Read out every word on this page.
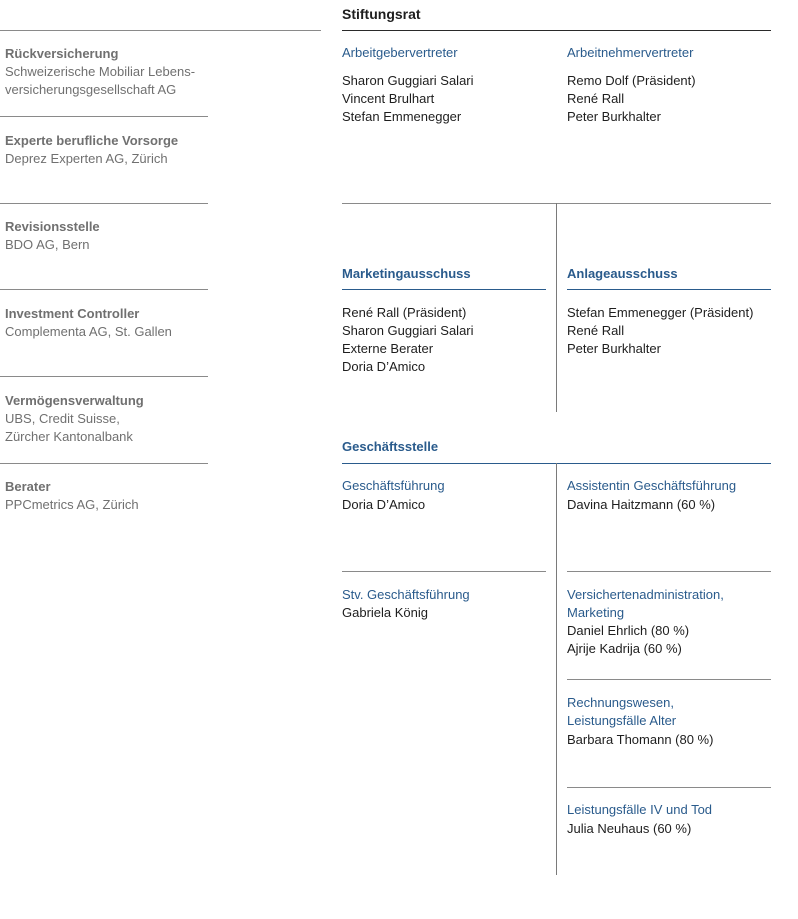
Rückversicherung
Schweizerische Mobiliar Lebens-
versicherungsgesellschaft AG
Experte berufliche Vorsorge
Deprez Experten AG, Zürich
Revisionsstelle
BDO AG, Bern
Investment Controller
Complementa AG, St. Gallen
Vermögensverwaltung
UBS, Credit Suisse,
Zürcher Kantonalbank
Berater
PPCmetrics AG, Zürich
Stiftungsrat
Arbeitgebervertreter
Sharon Guggiari Salari
Vincent Brulhart
Stefan Emmenegger
Arbeitnehmervertreter
Remo Dolf (Präsident)
René Rall
Peter Burkhalter
Marketingausschuss
René Rall (Präsident)
Sharon Guggiari Salari
Externe Berater
Doria D’Amico
Anlageausschuss
Stefan Emmenegger (Präsident)
René Rall
Peter Burkhalter
Geschäftsstelle
Geschäftsführung
Doria D’Amico
Stv. Geschäftsführung
Gabriela König
Assistentin Geschäftsführung
Davina Haitzmann (60 %)
Versichertenadministration,
Marketing
Daniel Ehrlich (80 %)
Ajrije Kadrija (60 %)
Rechnungswesen,
Leistungsfälle Alter
Barbara Thomann (80 %)
Leistungsfälle IV und Tod
Julia Neuhaus (60 %)
